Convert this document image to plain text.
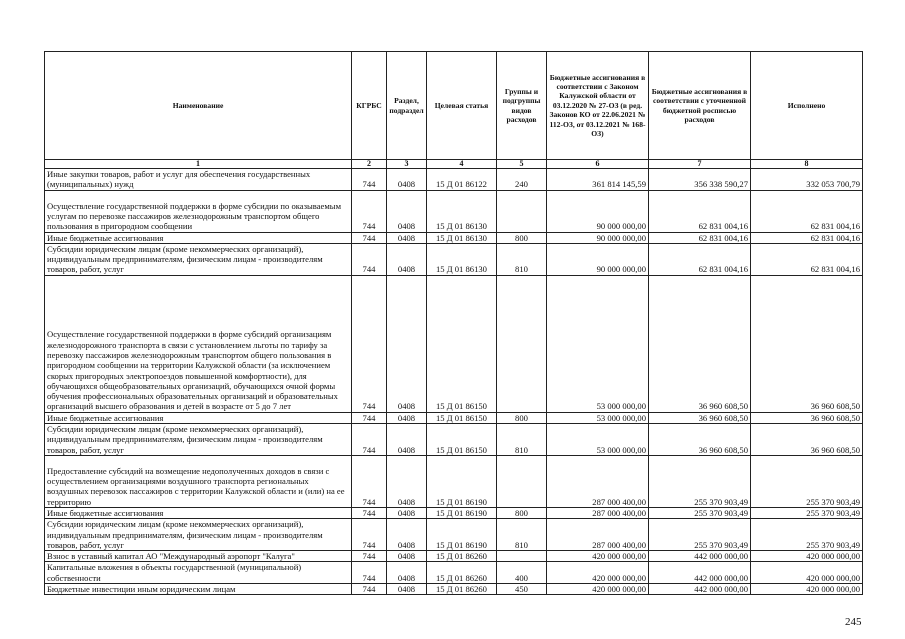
Наименование	КГРБС	Раздел, подраздел	Целевая статья	Группы и подгруппы видов расходов	Бюджетные ассигнования в соответствии с Законом Калужской области от 03.12.2020 № 27-ОЗ (в ред. Законов КО от 22.06.2021 № 112-ОЗ, от 03.12.2021 № 168-ОЗ)	Бюджетные ассигнования в соответствии с уточненной бюджетной росписью расходов	Исполнено
1	2	3	4	5	6	7	8
Иные закупки товаров, работ и услуг для обеспечения государственных (муниципальных) нужд	744	0408	15 Д 01 86122	240	361 814 145,59	356 338 590,27	332 053 700,79
Осуществление государственной поддержки в форме субсидии по оказываемым услугам по перевозке пассажиров железнодорожным транспортом общего пользования в пригородном сообщении	744	0408	15 Д 01 86130		90 000 000,00	62 831 004,16	62 831 004,16
Иные бюджетные ассигнования	744	0408	15 Д 01 86130	800	90 000 000,00	62 831 004,16	62 831 004,16
Субсидии юридическим лицам (кроме некоммерческих организаций), индивидуальным предпринимателям, физическим лицам - производителям товаров, работ, услуг	744	0408	15 Д 01 86130	810	90 000 000,00	62 831 004,16	62 831 004,16
Осуществление государственной поддержки в форме субсидий организациям железнодорожного транспорта в связи с установлением льготы по тарифу за перевозку пассажиров железнодорожным транспортом общего пользования в пригородном сообщении на территории Калужской области (за исключением скорых пригородных электропоездов повышенной комфортности), для обучающихся общеобразовательных организаций, обучающихся очной формы обучения профессиональных образовательных организаций и образовательных организаций высшего образования и детей в возрасте от 5 до 7 лет	744	0408	15 Д 01 86150		53 000 000,00	36 960 608,50	36 960 608,50
Иные бюджетные ассигнования	744	0408	15 Д 01 86150	800	53 000 000,00	36 960 608,50	36 960 608,50
Субсидии юридическим лицам (кроме некоммерческих организаций), индивидуальным предпринимателям, физическим лицам - производителям товаров, работ, услуг	744	0408	15 Д 01 86150	810	53 000 000,00	36 960 608,50	36 960 608,50
Предоставление субсидий на возмещение недополученных доходов в связи с осуществлением организациями воздушного транспорта региональных воздушных перевозок пассажиров с территории Калужской области и (или) на ее территорию	744	0408	15 Д 01 86190		287 000 400,00	255 370 903,49	255 370 903,49
Иные бюджетные ассигнования	744	0408	15 Д 01 86190	800	287 000 400,00	255 370 903,49	255 370 903,49
Субсидии юридическим лицам (кроме некоммерческих организаций), индивидуальным предпринимателям, физическим лицам - производителям товаров, работ, услуг	744	0408	15 Д 01 86190	810	287 000 400,00	255 370 903,49	255 370 903,49
Взнос в уставный капитал АО "Международный аэропорт "Калуга"	744	0408	15 Д 01 86260		420 000 000,00	442 000 000,00	420 000 000,00
Капитальные вложения в объекты государственной (муниципальной) собственности	744	0408	15 Д 01 86260	400	420 000 000,00	442 000 000,00	420 000 000,00
Бюджетные инвестиции иным юридическим лицам	744	0408	15 Д 01 86260	450	420 000 000,00	442 000 000,00	420 000 000,00
245
